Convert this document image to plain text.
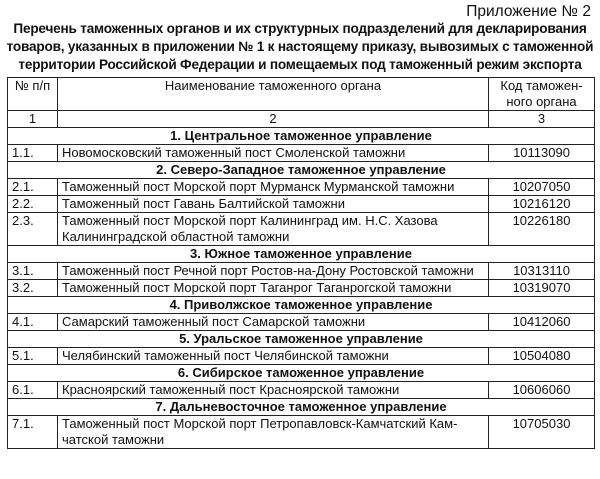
Приложение № 2
Перечень таможенных органов и их структурных подразделений для декларирования
товаров, указанных в приложении № 1 к настоящему приказу, вывозимых с таможенной
территории Российской Федерации и помещаемых под таможенный режим экспорта
№ п/п	Наименование таможенного органа	Код таможен-ного органа
1	2	3
1. Центральное таможенное управление		
1.1.	Новомосковский таможенный пост Смоленской таможни	10113090
2. Северо-Западное таможенное управление		
2.1.	Таможенный пост Морской порт Мурманск Мурманской таможни	10207050
2.2.	Таможенный пост Гавань Балтийской таможни	10216120
2.3.	Таможенный пост Морской порт Калининград им. Н.С. Хазова Калининградской областной таможни	10226180
3. Южное таможенное управление		
3.1.	Таможенный пост Речной порт Ростов-на-Дону Ростовской таможни	10313110
3.2.	Таможенный пост Морской порт Таганрог Таганрогской таможни	10319070
4. Приволжское таможенное управление		
4.1.	Самарский таможенный пост Самарской таможни	10412060
5. Уральское таможенное управление		
5.1.	Челябинский таможенный пост Челябинской таможни	10504080
6. Сибирское таможенное управление		
6.1.	Красноярский таможенный пост Красноярской таможни	10606060
7. Дальневосточное таможенное управление		
7.1.	Таможенный пост Морской порт Петропавловск-Камчатский Кам-чатской таможни	10705030
